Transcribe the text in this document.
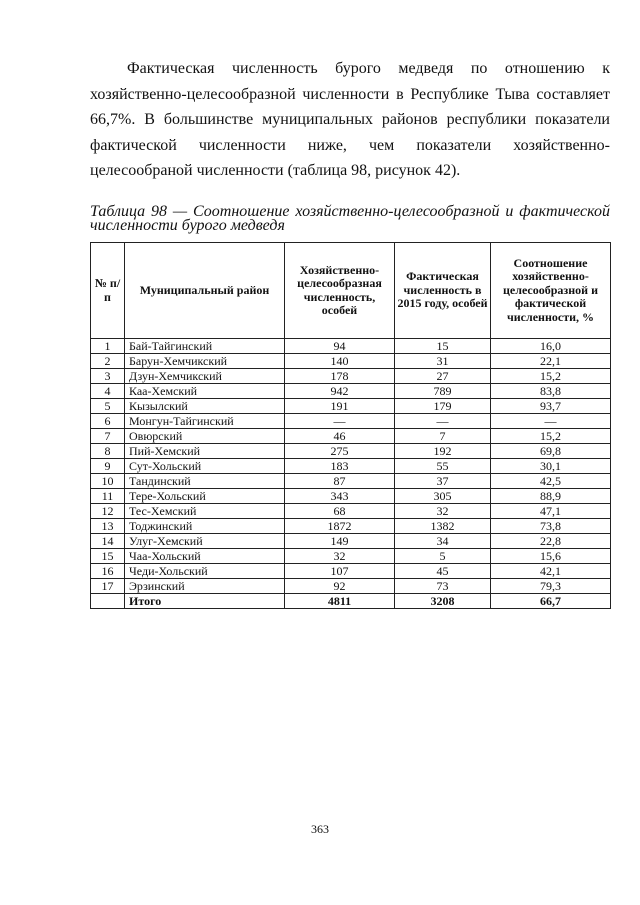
Фактическая численность бурого медведя по отношению к хозяйственно-целесообразной численности в Республике Тыва составляет 66,7%. В большинстве муниципальных районов республики показатели фактической численности ниже, чем показатели хозяйственно-целесообраной численности (таблица 98, рисунок 42).

Таблица 98 — Соотношение хозяйственно-целесообразной и фактической численности бурого медведя

№ п/п	Муниципальный район	Хозяйственно-целесообразная численность, особей	Фактическая численность в 2015 году, особей	Соотношение хозяйственно-целесообразной и фактической численности, %
1	Бай-Тайгинский	94	15	16,0
2	Барун-Хемчикский	140	31	22,1
3	Дзун-Хемчикский	178	27	15,2
4	Каа-Хемский	942	789	83,8
5	Кызылский	191	179	93,7
6	Монгун-Тайгинский	—	—	—
7	Овюрский	46	7	15,2
8	Пий-Хемский	275	192	69,8
9	Сут-Хольский	183	55	30,1
10	Тандинский	87	37	42,5
11	Тере-Хольский	343	305	88,9
12	Тес-Хемский	68	32	47,1
13	Тоджинский	1872	1382	73,8
14	Улуг-Хемский	149	34	22,8
15	Чаа-Хольский	32	5	15,6
16	Чеди-Хольский	107	45	42,1
17	Эрзинский	92	73	79,3
	Итого	4811	3208	66,7
363
